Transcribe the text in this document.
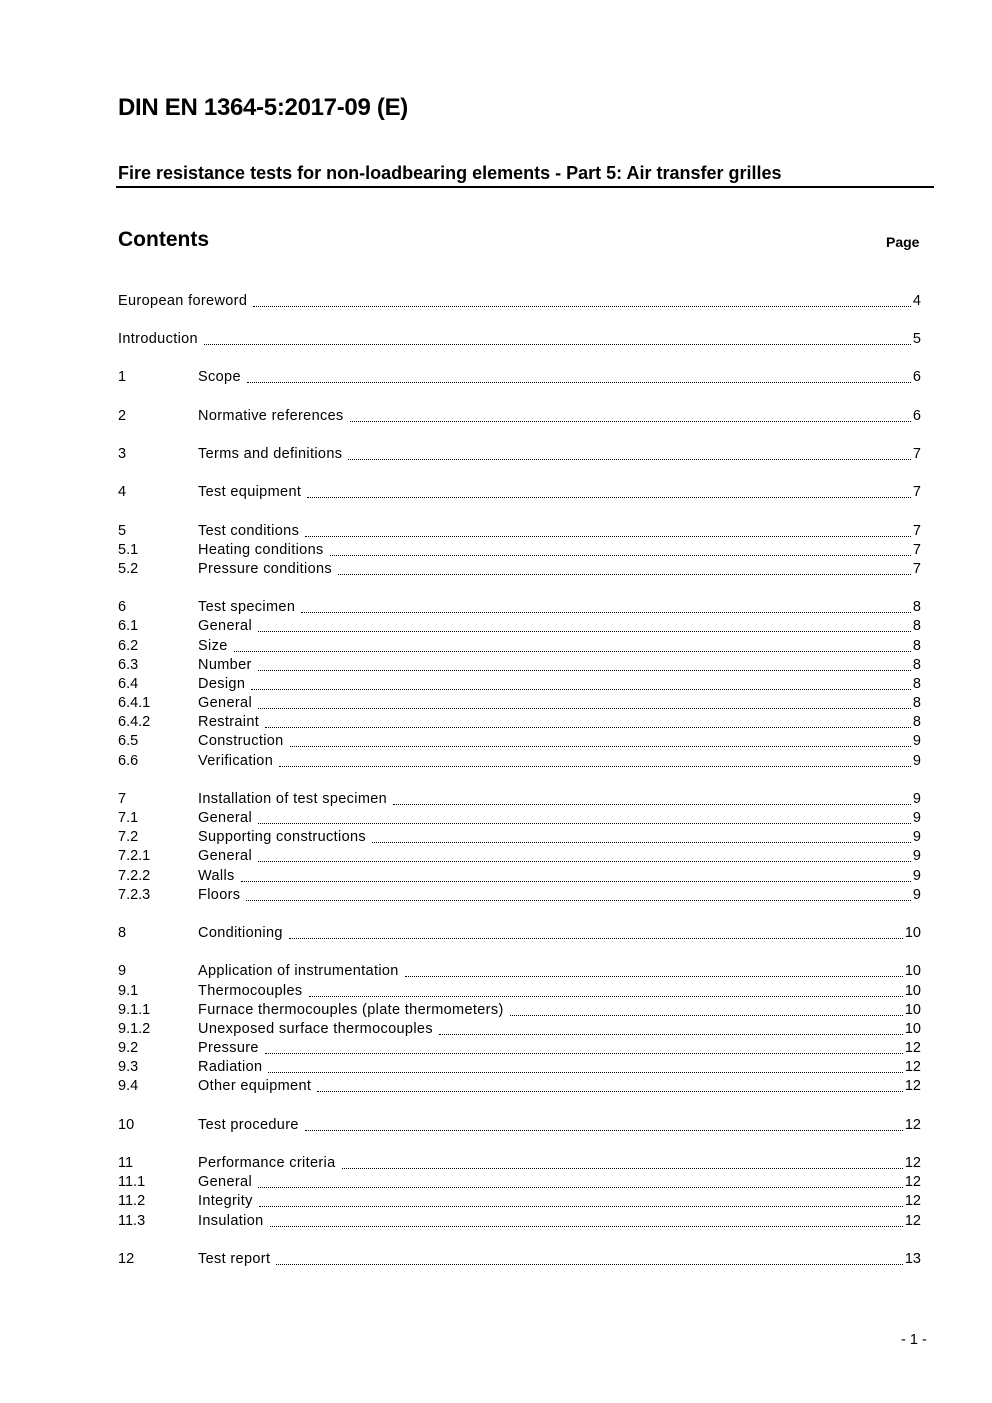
DIN EN 1364-5:2017-09 (E)
Fire resistance tests for non-loadbearing elements - Part 5: Air transfer grilles
Contents	Page
European foreword	4
Introduction	5
1	Scope	6
2	Normative references	6
3	Terms and definitions	7
4	Test equipment	7
5	Test conditions	7
5.1	Heating conditions	7
5.2	Pressure conditions	7
6	Test specimen	8
6.1	General	8
6.2	Size	8
6.3	Number	8
6.4	Design	8
6.4.1	General	8
6.4.2	Restraint	8
6.5	Construction	9
6.6	Verification	9
7	Installation of test specimen	9
7.1	General	9
7.2	Supporting constructions	9
7.2.1	General	9
7.2.2	Walls	9
7.2.3	Floors	9
8	Conditioning	10
9	Application of instrumentation	10
9.1	Thermocouples	10
9.1.1	Furnace thermocouples (plate thermometers)	10
9.1.2	Unexposed surface thermocouples	10
9.2	Pressure	12
9.3	Radiation	12
9.4	Other equipment	12
10	Test procedure	12
11	Performance criteria	12
11.1	General	12
11.2	Integrity	12
11.3	Insulation	12
12	Test report	13
- 1 -
